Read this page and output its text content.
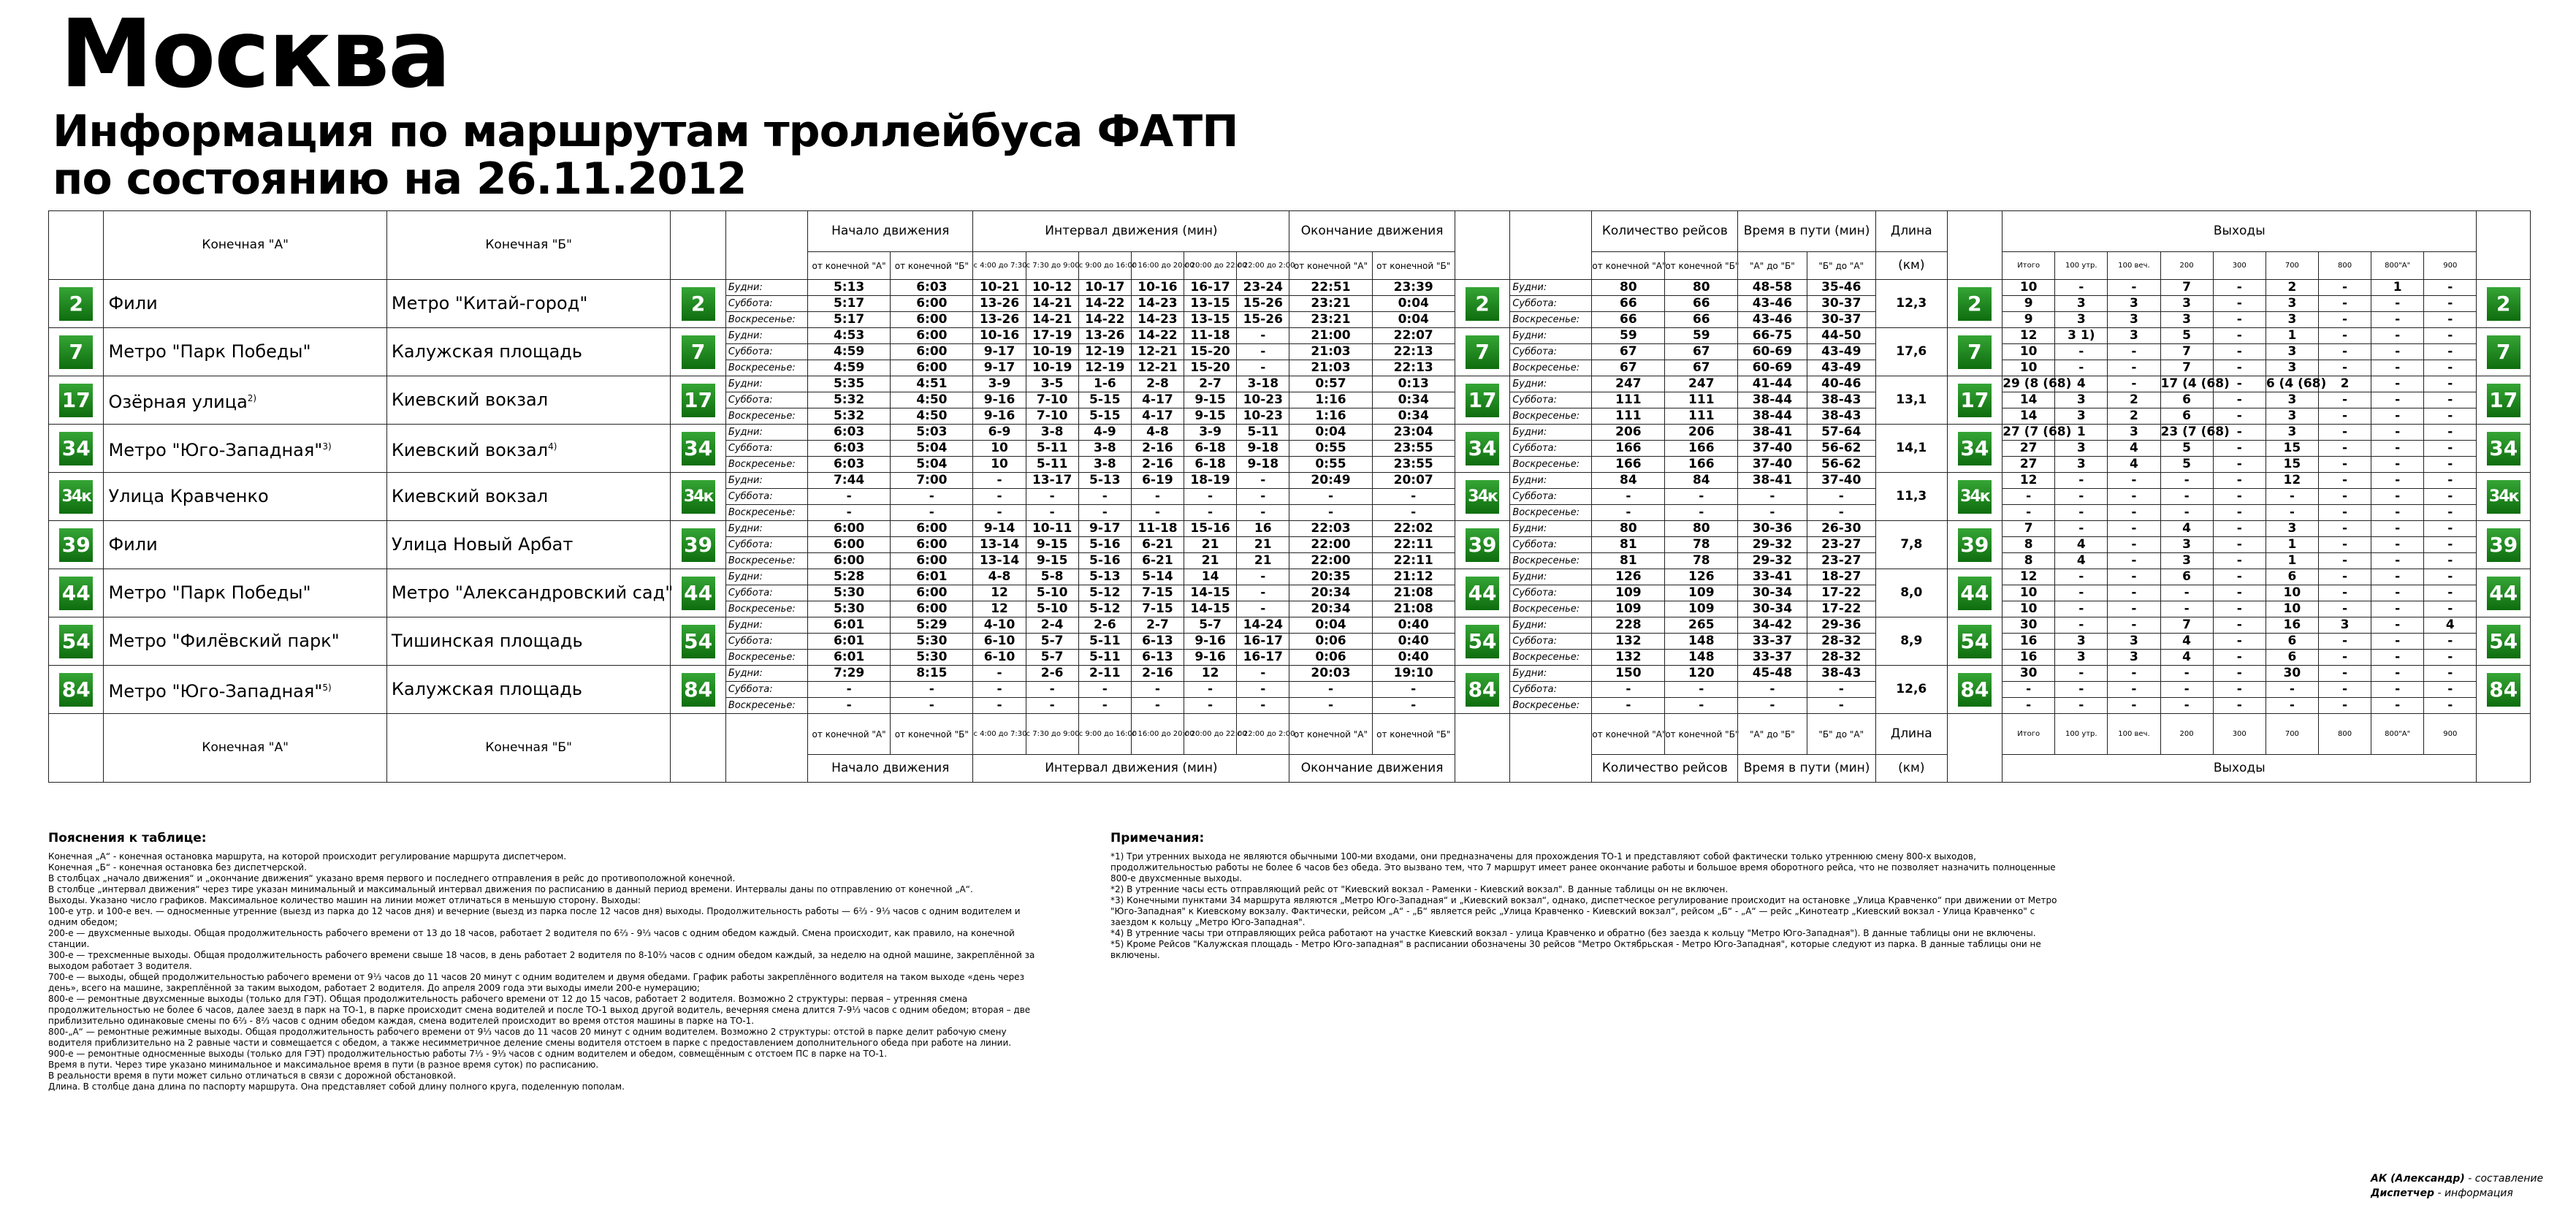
Москва
Информация по маршрутам троллейбуса ФАТП
по состоянию на 26.11.2012
	Конечная "А"	Конечная "Б"			Начало движения		Интервал движения (мин)						Окончание движения				Количество рейсов		Время в пути (мин)		Длина		Выходы									
					от конечной "А"	от конечной "Б"	с 4:00 до 7:30	с 7:30 до 9:00	с 9:00 до 16:00	с 16:00 до 20:00	с 20:00 до 22:00	с 22:00 до 2:00	от конечной "А"	от конечной "Б"			от конечной "А"	от конечной "Б"	"А" до "Б"	"Б" до "А"	(км)		Итого	100 утр.	100 веч.	200	300	700	800	800"А"	900	
2	Фили	Метро "Китай-город"	2	Будни:	5:13	6:03	10-21	10-12	10-17	10-16	16-17	23-24	22:51	23:39	2	Будни:	80	80	48-58	35-46	12,3	2	10	-	-	7	-	2	-	1	-	2
				Суббота:	5:17	6:00	13-26	14-21	14-22	14-23	13-15	15-26	23:21	0:04		Суббота:	66	66	43-46	30-37			9	3	3	3	-	3	-	-	-	
				Воскресенье:	5:17	6:00	13-26	14-21	14-22	14-23	13-15	15-26	23:21	0:04		Воскресенье:	66	66	43-46	30-37			9	3	3	3	-	3	-	-	-	
7	Метро "Парк Победы"	Калужская площадь	7	Будни:	4:53	6:00	10-16	17-19	13-26	14-22	11-18	-	21:00	22:07	7	Будни:	59	59	66-75	44-50	17,6	7	12	3 1)	3	5	-	1	-	-	-	7
				Суббота:	4:59	6:00	9-17	10-19	12-19	12-21	15-20	-	21:03	22:13		Суббота:	67	67	60-69	43-49			10	-	-	7	-	3	-	-	-	
				Воскресенье:	4:59	6:00	9-17	10-19	12-19	12-21	15-20	-	21:03	22:13		Воскресенье:	67	67	60-69	43-49			10	-	-	7	-	3	-	-	-	
17	Озёрная улица$^{2)}$	Киевский вокзал	17	Будни:	5:35	4:51	3-9	3-5	1-6	2-8	2-7	3-18	0:57	0:13	17	Будни:	247	247	41-44	40-46	13,1	17	29 (8 (68)	4	-	17 (4 (68)	-	6 (4 (68)	2	-	-	17
				Суббота:	5:32	4:50	9-16	7-10	5-15	4-17	9-15	10-23	1:16	0:34		Суббота:	111	111	38-44	38-43			14	3	2	6	-	3	-	-	-	
				Воскресенье:	5:32	4:50	9-16	7-10	5-15	4-17	9-15	10-23	1:16	0:34		Воскресенье:	111	111	38-44	38-43			14	3	2	6	-	3	-	-	-	
34	Метро "Юго-Западная"$^{3)}$	Киевский вокзал$^{4)}$	34	Будни:	6:03	5:03	6-9	3-8	4-9	4-8	3-9	5-11	0:04	23:04	34	Будни:	206	206	38-41	57-64	14,1	34	27 (7 (68)	1	3	23 (7 (68)	-	3	-	-	-	34
				Суббота:	6:03	5:04	10	5-11	3-8	2-16	6-18	9-18	0:55	23:55		Суббота:	166	166	37-40	56-62			27	3	4	5	-	15	-	-	-	
				Воскресенье:	6:03	5:04	10	5-11	3-8	2-16	6-18	9-18	0:55	23:55		Воскресенье:	166	166	37-40	56-62			27	3	4	5	-	15	-	-	-	
34к	Улица Кравченко	Киевский вокзал	34к	Будни:	7:44	7:00	-	13-17	5-13	6-19	18-19	-	20:49	20:07	34к	Будни:	84	84	38-41	37-40	11,3	34к	12	-	-	-	-	12	-	-	-	34к
				Суббота:	-	-	-	-	-	-	-	-	-	-		Суббота:	-	-	-	-			-	-	-	-	-	-	-	-	-	
				Воскресенье:	-	-	-	-	-	-	-	-	-	-		Воскресенье:	-	-	-	-			-	-	-	-	-	-	-	-	-	
39	Фили	Улица Новый Арбат	39	Будни:	6:00	6:00	9-14	10-11	9-17	11-18	15-16	16	22:03	22:02	39	Будни:	80	80	30-36	26-30	7,8	39	7	-	-	4	-	3	-	-	-	39
				Суббота:	6:00	6:00	13-14	9-15	5-16	6-21	21	21	22:00	22:11		Суббота:	81	78	29-32	23-27			8	4	-	3	-	1	-	-	-	
				Воскресенье:	6:00	6:00	13-14	9-15	5-16	6-21	21	21	22:00	22:11		Воскресенье:	81	78	29-32	23-27			8	4	-	3	-	1	-	-	-	
44	Метро "Парк Победы"	Метро "Александровский сад"	44	Будни:	5:28	6:01	4-8	5-8	5-13	5-14	14	-	20:35	21:12	44	Будни:	126	126	33-41	18-27	8,0	44	12	-	-	6	-	6	-	-	-	44
				Суббота:	5:30	6:00	12	5-10	5-12	7-15	14-15	-	20:34	21:08		Суббота:	109	109	30-34	17-22			10	-	-	-	-	10	-	-	-	
				Воскресенье:	5:30	6:00	12	5-10	5-12	7-15	14-15	-	20:34	21:08		Воскресенье:	109	109	30-34	17-22			10	-	-	-	-	10	-	-	-	
54	Метро "Филёвский парк"	Тишинская площадь	54	Будни:	6:01	5:29	4-10	2-4	2-6	2-7	5-7	14-24	0:04	0:40	54	Будни:	228	265	34-42	29-36	8,9	54	30	-	-	7	-	16	3	-	4	54
				Суббота:	6:01	5:30	6-10	5-7	5-11	6-13	9-16	16-17	0:06	0:40		Суббота:	132	148	33-37	28-32			16	3	3	4	-	6	-	-	-	
				Воскресенье:	6:01	5:30	6-10	5-7	5-11	6-13	9-16	16-17	0:06	0:40		Воскресенье:	132	148	33-37	28-32			16	3	3	4	-	6	-	-	-	
84	Метро "Юго-Западная"$^{5)}$	Калужская площадь	84	Будни:	7:29	8:15	-	2-6	2-11	2-16	12	-	20:03	19:10	84	Будни:	150	120	45-48	38-43	12,6	84	30	-	-	-	-	30	-	-	-	84
				Суббота:	-	-	-	-	-	-	-	-	-	-		Суббота:	-	-	-	-			-	-	-	-	-	-	-	-	-	
				Воскресенье:	-	-	-	-	-	-	-	-	-	-		Воскресенье:	-	-	-	-			-	-	-	-	-	-	-	-	-	
	Конечная "А"	Конечная "Б"			от конечной "А"	от конечной "Б"	с 4:00 до 7:30	с 7:30 до 9:00	с 9:00 до 16:00	с 16:00 до 20:00	с 20:00 до 22:00	с 22:00 до 2:00	от конечной "А"	от конечной "Б"			от конечной "А"	от конечной "Б"	"А" до "Б"	"Б" до "А"	Длина		Итого	100 утр.	100 веч.	200	300	700	800	800"А"	900	
					Начало движения		Интервал движения (мин)						Окончание движения				Количество рейсов		Время в пути (мин)		(км)		Выходы									
Пояснения к таблице:

Конечная „А“ - конечная остановка маршрута, на которой происходит регулирование маршрута диспетчером.

Конечная „Б“ - конечная остановка без диспетчерской.

В столбцах „начало движения“ и „окончание движения“ указано время первого и последнего отправления в рейс до противоположной конечной.

В столбце „интервал движения“ через тире указан минимальный и максимальный интервал движения по расписанию в данный период времени. Интервалы даны по отправлению от конечной „А“.

Выходы. Указано число графиков. Максимальное количество машин на линии может отличаться в меньшую сторону. Выходы:

100-е утр. и 100-е веч. — односменные утренние (выезд из парка до 12 часов дня) и вечерние (выезд из парка после 12 часов дня) выходы. Продолжительность работы — 6⅔ - 9⅓ часов с одним водителем и одним обедом;

200-е — двухсменные выходы. Общая продолжительность рабочего времени от 13 до 18 часов, работает 2 водителя по 6⅔ - 9⅓ часов с одним обедом каждый. Смена происходит, как правило, на конечной станции.

300-е — трехсменные выходы. Общая продолжительность рабочего времени свыше 18 часов, в день работает 2 водителя по 8-10⅔ часов с одним обедом каждый, за неделю на одной машине, закреплённой за выходом работает 3 водителя.

700-е — выходы, общей продолжительностью рабочего времени от 9⅓ часов до 11 часов 20 минут с одним водителем и двумя обедами. График работы закреплённого водителя на таком выходе «день через день», всего на машине, закреплённой за таким выходом, работает 2 водителя. До апреля 2009 года эти выходы имели 200-е нумерацию;

800-е — ремонтные двухсменные выходы (только для ГЭТ). Общая продолжительность рабочего времени от 12 до 15 часов, работает 2 водителя. Возможно 2 структуры: первая – утренняя смена продолжительностью не более 6 часов, далее заезд в парк на ТО-1, в парке происходит смена водителей и после ТО-1 выход другой водитель, вечерняя смена длится 7-9⅓ часов с одним обедом; вторая – две приблизительно одинаковые смены по 6⅔ - 8⅔ часов с одним обедом каждая, смена водителей происходит во время отстоя машины в парке на ТО-1.

800-„А“ — ремонтные режимные выходы. Общая продолжительность рабочего времени от 9⅓ часов до 11 часов 20 минут с одним водителем. Возможно 2 структуры: отстой в парке делит рабочую смену водителя приблизительно на 2 равные части и совмещается с обедом, а также несимметричное деление смены водителя отстоем в парке с предоставлением дополнительного обеда при работе на линии.

900-е — ремонтные односменные выходы (только для ГЭТ) продолжительностью работы 7⅓ - 9⅓ часов с одним водителем и обедом, совмещённым с отстоем ПС в парке на ТО-1.

Время в пути. Через тире указано минимальное и максимальное время в пути (в разное время суток) по расписанию.

В реальности время в пути может сильно отличаться в связи с дорожной обстановкой.

Длина. В столбце дана длина по паспорту маршрута. Она представляет собой длину полного круга, поделенную пополам.

Примечания:

*1) Три утренних выхода не являются обычными 100-ми входами, они предназначены для прохождения ТО-1 и представляют собой фактически только утреннюю смену 800-х выходов, продолжительностью работы не более 6 часов без обеда. Это вызвано тем, что 7 маршрут имеет ранее окончание работы и большое время оборотного рейса, что не позволяет назначить полноценные 800-е двухсменные выходы.

*2) В утренние часы есть отправляющий рейс от "Киевский вокзал - Раменки - Киевский вокзал". В данные таблицы он не включен.

*3) Конечными пунктами 34 маршрута являются „Метро Юго-Западная“ и „Киевский вокзал“, однако, диспетческое регулирование происходит на остановке „Улица Кравченко“ при движении от Метро "Юго-Западная" к Киевскому вокзалу. Фактически, рейсом „А“ - „Б“ является рейс „Улица Кравченко - Киевский вокзал“, рейсом „Б“ - „А“ — рейс „Кинотеатр „Киевский вокзал - Улица Кравченко" с заездом к кольцу „Метро Юго-Западная".

*4) В утренние часы три отправляющих рейса работают на участке Киевский вокзал - улица Кравченко и обратно (без заезда к кольцу "Метро Юго-Западная"). В данные таблицы они не включены.

*5) Кроме Рейсов "Калужская площадь - Метро Юго-западная" в расписании обозначены 30 рейсов "Метро Октябрьская - Метро Юго-Западная", которые следуют из парка. В данные таблицы они не включены.

АК (Александр) - составление
Диспетчер - информация
